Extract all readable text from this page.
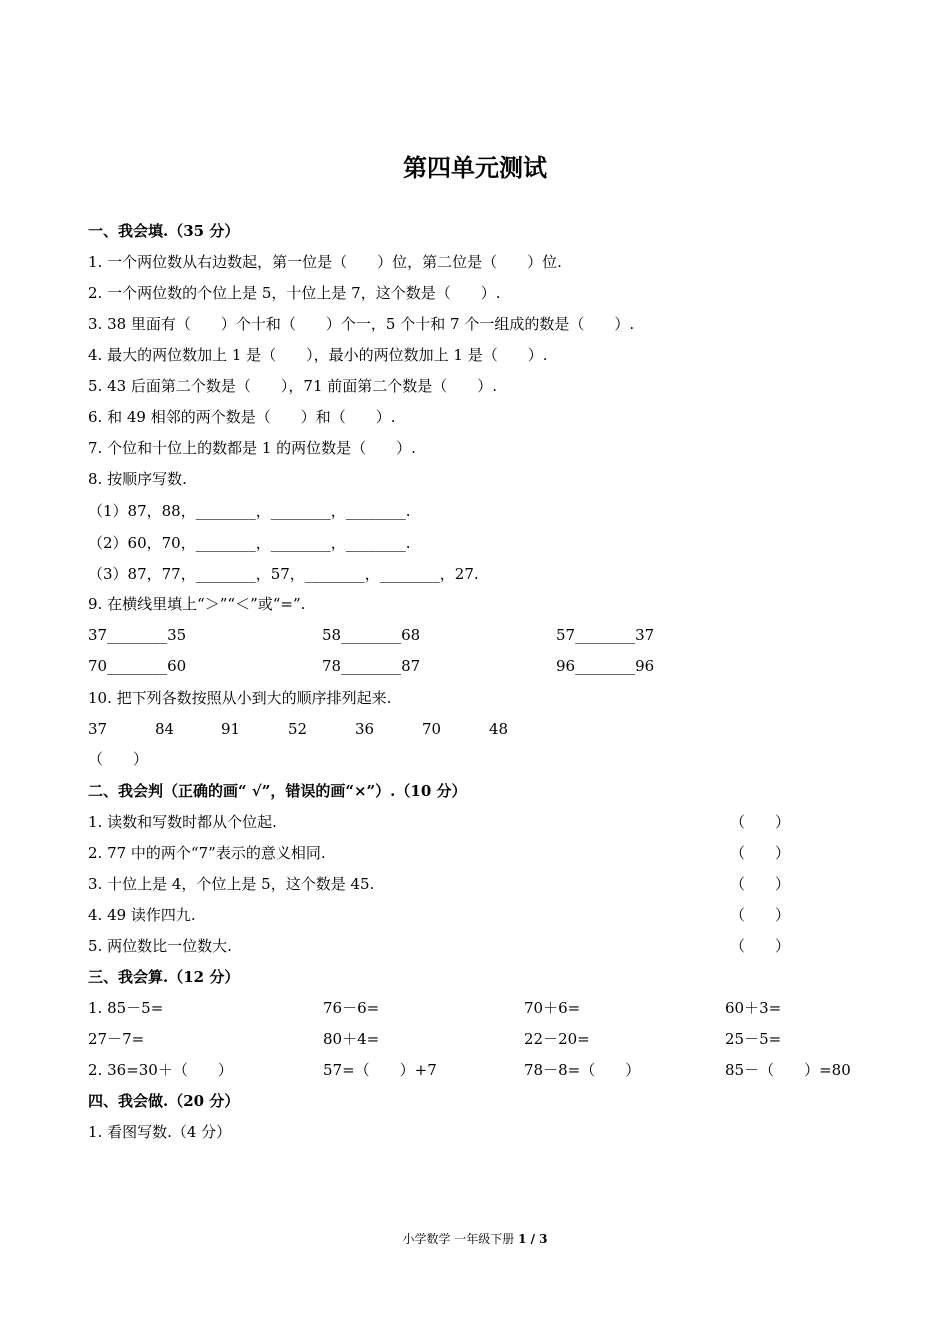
第四单元测试
一、我会填.（35 分）
1. 一个两位数从右边数起，第一位是（　　）位，第二位是（　　）位.
2. 一个两位数的个位上是 5，十位上是 7，这个数是（　　）.
3. 38 里面有（　　）个十和（　　）个一，5 个十和 7 个一组成的数是（　　）.
4. 最大的两位数加上 1 是（　　），最小的两位数加上 1 是（　　）.
5. 43 后面第二个数是（　　），71 前面第二个数是（　　）.
6. 和 49 相邻的两个数是（　　）和（　　）.
7. 个位和十位上的数都是 1 的两位数是（　　）.
8. 按顺序写数.
（1）87，88，________，________，________.
（2）60，70，________，________，________.
（3）87，77，________，57，________，________，27.
9. 在横线里填上“＞”“＜”或“=”.
37________35	58________68	57________37
70________60	78________87	96________96
10. 把下列各数按照从小到大的顺序排列起来.
37	84	91	52	36	70	48
（　　）
二、我会判（正确的画“ √”，错误的画“×”）.（10 分）
1. 读数和写数时都从个位起.	（　　）
2. 77 中的两个“7”表示的意义相同.	（　　）
3. 十位上是 4，个位上是 5，这个数是 45.	（　　）
4. 49 读作四九.	（　　）
5. 两位数比一位数大.	（　　）
三、我会算.（12 分）
1. 85－5=	76－6=	70＋6=	60＋3=
27－7=	80＋4=	22－20=	25－5=
2. 36=30＋（　　）	57=（　　）+7	78－8=（　　）	85－（　　）=80
四、我会做.（20 分）
1. 看图写数.（4 分）
小学数学 一年级下册 1 / 3
